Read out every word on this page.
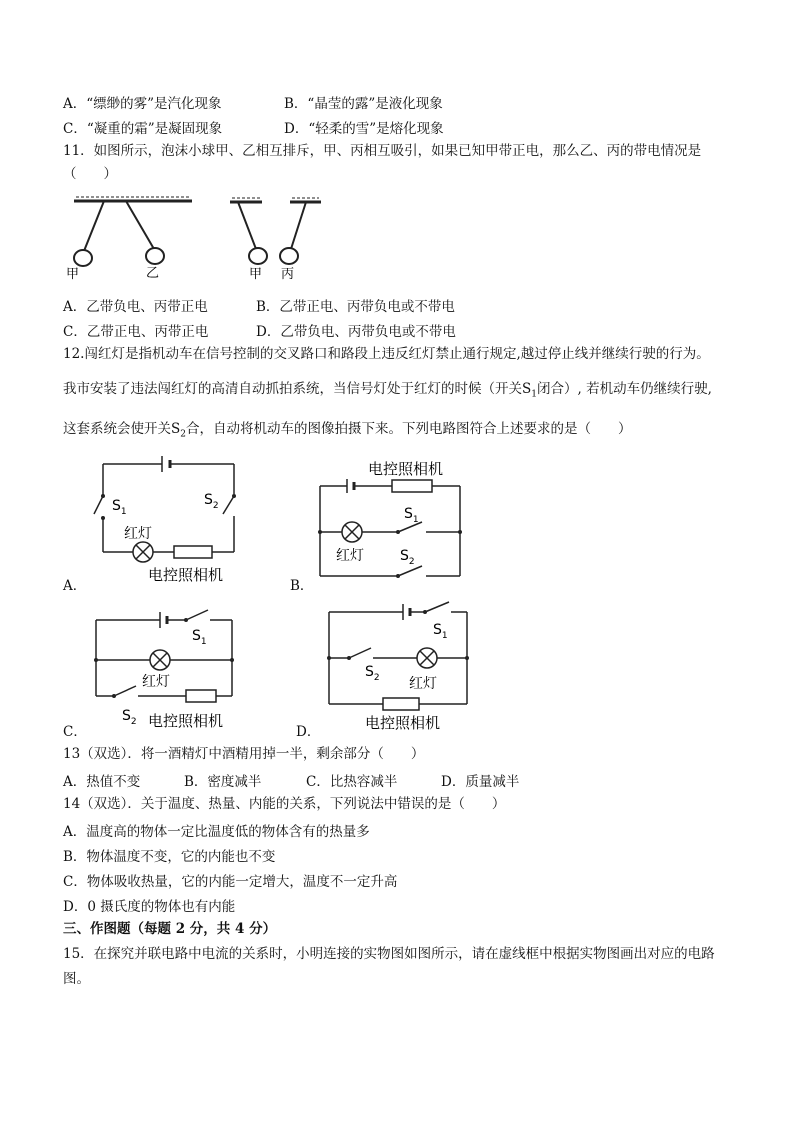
A．“缥缈的雾”是汽化现象	B．“晶莹的露”是液化现象
C．“凝重的霜”是凝固现象	D．“轻柔的雪”是熔化现象
11．如图所示，泡沫小球甲、乙相互排斥，甲、丙相互吸引，如果已知甲带正电，那么乙、丙的带电情况是
（　　）
甲	乙	甲 丙
A．乙带负电、丙带正电	B．乙带正电、丙带负电或不带电
C．乙带正电、丙带正电	D．乙带负电、丙带负电或不带电
12.闯红灯是指机动车在信号控制的交叉路口和路段上违反红灯禁止通行规定,越过停止线并继续行驶的行为。
我市安装了违法闯红灯的高清自动抓拍系统，当信号灯处于红灯的时候（开关$S_1$闭合）, 若机动车仍继续行驶,
这套系统会使开关$S_2$合，自动将机动车的图像拍摄下来。下列电路图符合上述要求的是（　　）
A．
$S_1$
$S_2$
红灯
电控照相机
B．
电控照相机
$S_1$
$S_2$
红灯
C．
$S_1$
红灯
$S_2$ 电控照相机
D．
$S_1$
$S_2$ 红灯
电控照相机
13（双选）．将一酒精灯中酒精用掉一半，剩余部分（　　）
A．热值不变	B．密度减半	C．比热容减半	D．质量减半
14（双选）．关于温度、热量、内能的关系，下列说法中错误的是（　　）
A．温度高的物体一定比温度低的物体含有的热量多
B．物体温度不变，它的内能也不变
C．物体吸收热量，它的内能一定增大，温度不一定升高
D．0 摄氏度的物体也有内能
三、作图题（每题 2 分，共 4 分）
15．在探究并联电路中电流的关系时，小明连接的实物图如图所示，请在虚线框中根据实物图画出对应的电路
图。
